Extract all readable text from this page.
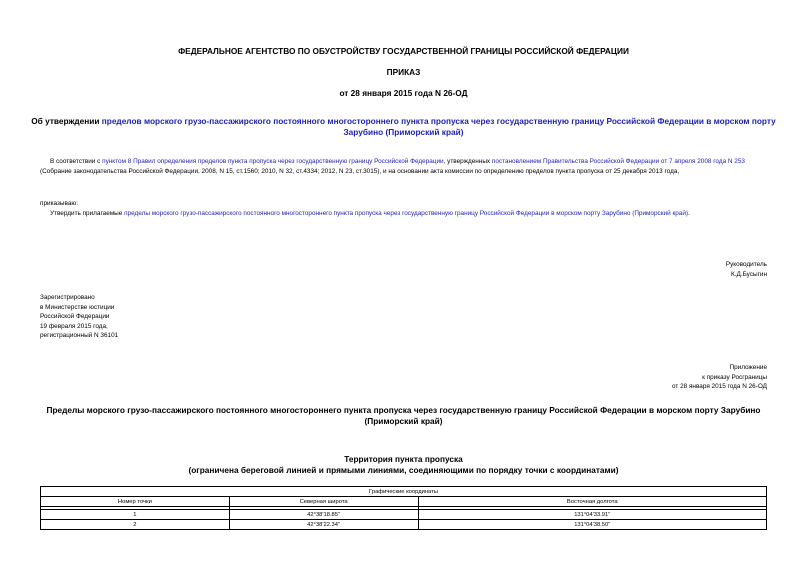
ФЕДЕРАЛЬНОЕ АГЕНТСТВО ПО ОБУСТРОЙСТВУ ГОСУДАРСТВЕННОЙ ГРАНИЦЫ РОССИЙСКОЙ ФЕДЕРАЦИИ
ПРИКАЗ
от 28 января 2015 года N 26-ОД
Об утверждении пределов морского грузо-пассажирского постоянного многостороннего пункта пропуска через государственную границу Российской Федерации в морском порту Зарубино (Приморский край)
В соответствии с пунктом 8 Правил определения пределов пункта пропуска через государственную границу Российской Федерации, утвержденных постановлением Правительства Российской Федерации от 7 апреля 2008 года N 253 (Собрание законодательства Российской Федерации, 2008, N 15, ст.1560; 2010, N 32, ст.4334; 2012, N 23, ст.3015), и на основании акта комиссии по определению пределов пункта пропуска от 25 декабря 2013 года,
приказываю:
Утвердить прилагаемые пределы морского грузо-пассажирского постоянного многостороннего пункта пропуска через государственную границу Российской Федерации в морском порту Зарубино (Приморский край).
Руководитель
К.Д.Бусыгин
Зарегистрировано
в Министерстве юстиции
Российской Федерации
19 февраля 2015 года,
регистрационный N 36101
Приложение
к приказу Росграницы
от 28 января 2015 года N 26-ОД
Пределы морского грузо-пассажирского постоянного многостороннего пункта пропуска через государственную границу Российской Федерации в морском порту Зарубино (Приморский край)
Территория пункта пропуска
(ограничена береговой линией и прямыми линиями, соединяющими по порядку точки с координатами)
Графические координаты		
Номер точки	Северная широта	Восточная долгота

1	42°38'18.85"	131°04'33.91"
2	42°38'22.34"	131°04'38.50"
